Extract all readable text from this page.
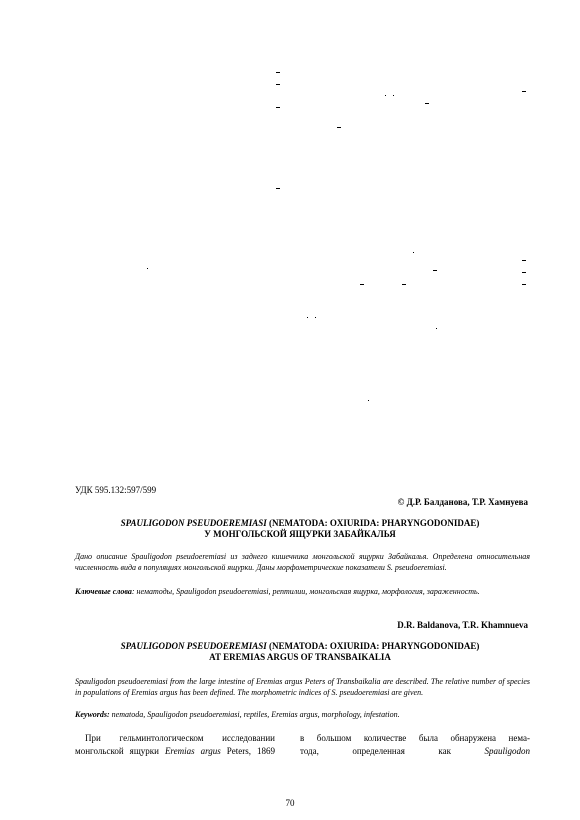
УДК 595.132:597/599
© Д.Р. Балданова, Т.Р. Хамнуева
SPAULIGODON PSEUDOEREMIASI (NEMATODA: OXIURIDA: PHARYNGODONIDAE)
У МОНГОЛЬСКОЙ ЯЩУРКИ ЗАБАЙКАЛЬЯ
Дано описание Spauligodon pseudoeremiasi из заднего кишечника монгольской ящурки Забайкалья. Определена относительная численность вида в популяциях монгольской ящурки. Даны морфометрические показатели S. pseudoeremiasi.
Ключевые слова: нематоды, Spauligodon pseudoeremiasi, рептилии, монгольская ящурка, морфология, зараженность.
D.R. Baldanova, T.R. Khamnueva
SPAULIGODON PSEUDOEREMIASI (NEMATODA: OXIURIDA: PHARYNGODONIDAE)
AT EREMIAS ARGUS OF TRANSBAIKALIA
Spauligodon pseudoeremiasi from the large intestine of Eremias argus Peters of Transbaikalia are described. The relative number of species in populations of Eremias argus has been defined. The morphometric indices of S. pseudoeremiasi are given.
Keywords: nematoda, Spauligodon pseudoeremiasi, reptiles, Eremias argus, morphology, infestation.
При гельминтологическом исследовании
монгольской ящурки Eremias argus Peters, 1869
в большом количестве была обнаружена нема-
тода, определенная как Spauligodon
70
